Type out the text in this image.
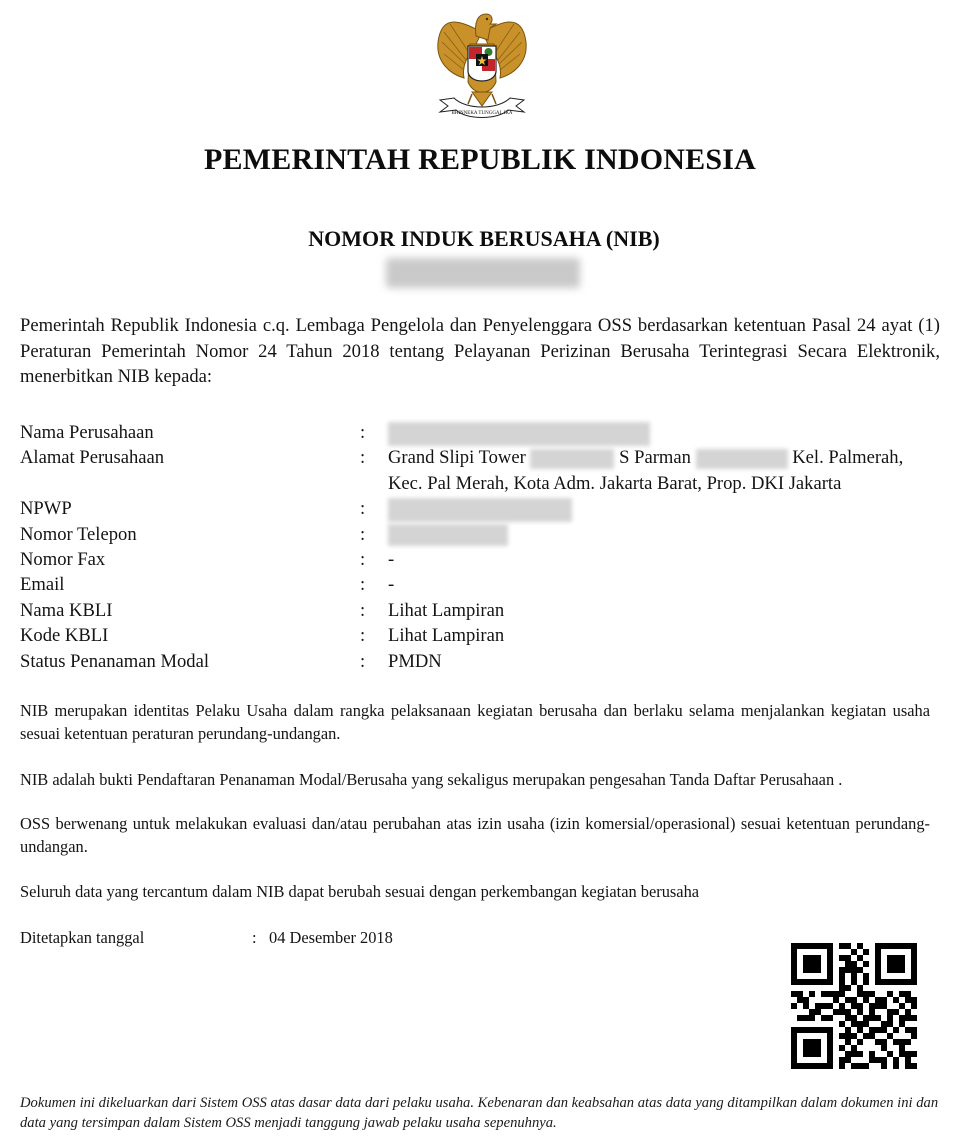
BHINNEKA TUNGGAL IKA
PEMERINTAH REPUBLIK INDONESIA
NOMOR INDUK BERUSAHA (NIB)
Pemerintah Republik Indonesia c.q. Lembaga Pengelola dan Penyelenggara OSS berdasarkan ketentuan Pasal 24 ayat (1) Peraturan Pemerintah Nomor 24 Tahun 2018 tentang Pelayanan Perizinan Berusaha Terintegrasi Secara Elektronik, menerbitkan NIB kepada:
Nama Perusahaan	:
Alamat Perusahaan	: Grand Slipi Tower	S Parman	Kel. Palmerah,
Kec. Pal Merah, Kota Adm. Jakarta Barat, Prop. DKI Jakarta
NPWP	:
Nomor Telepon	:
Nomor Fax	: -
Email	: -
Nama KBLI	: Lihat Lampiran
Kode KBLI	: Lihat Lampiran
Status Penanaman Modal	: PMDN
NIB merupakan identitas Pelaku Usaha dalam rangka pelaksanaan kegiatan berusaha dan berlaku selama menjalankan kegiatan usaha sesuai ketentuan peraturan perundang-undangan.
NIB adalah bukti Pendaftaran Penanaman Modal/Berusaha yang sekaligus merupakan pengesahan Tanda Daftar Perusahaan .
OSS berwenang untuk melakukan evaluasi dan/atau perubahan atas izin usaha (izin komersial/operasional) sesuai ketentuan perundang-undangan.
Seluruh data yang tercantum dalam NIB dapat berubah sesuai dengan perkembangan kegiatan berusaha
Ditetapkan tanggal	: 04 Desember 2018
Dokumen ini dikeluarkan dari Sistem OSS atas dasar data dari pelaku usaha. Kebenaran dan keabsahan atas data yang ditampilkan dalam dokumen ini dan data yang tersimpan dalam Sistem OSS menjadi tanggung jawab pelaku usaha sepenuhnya.
